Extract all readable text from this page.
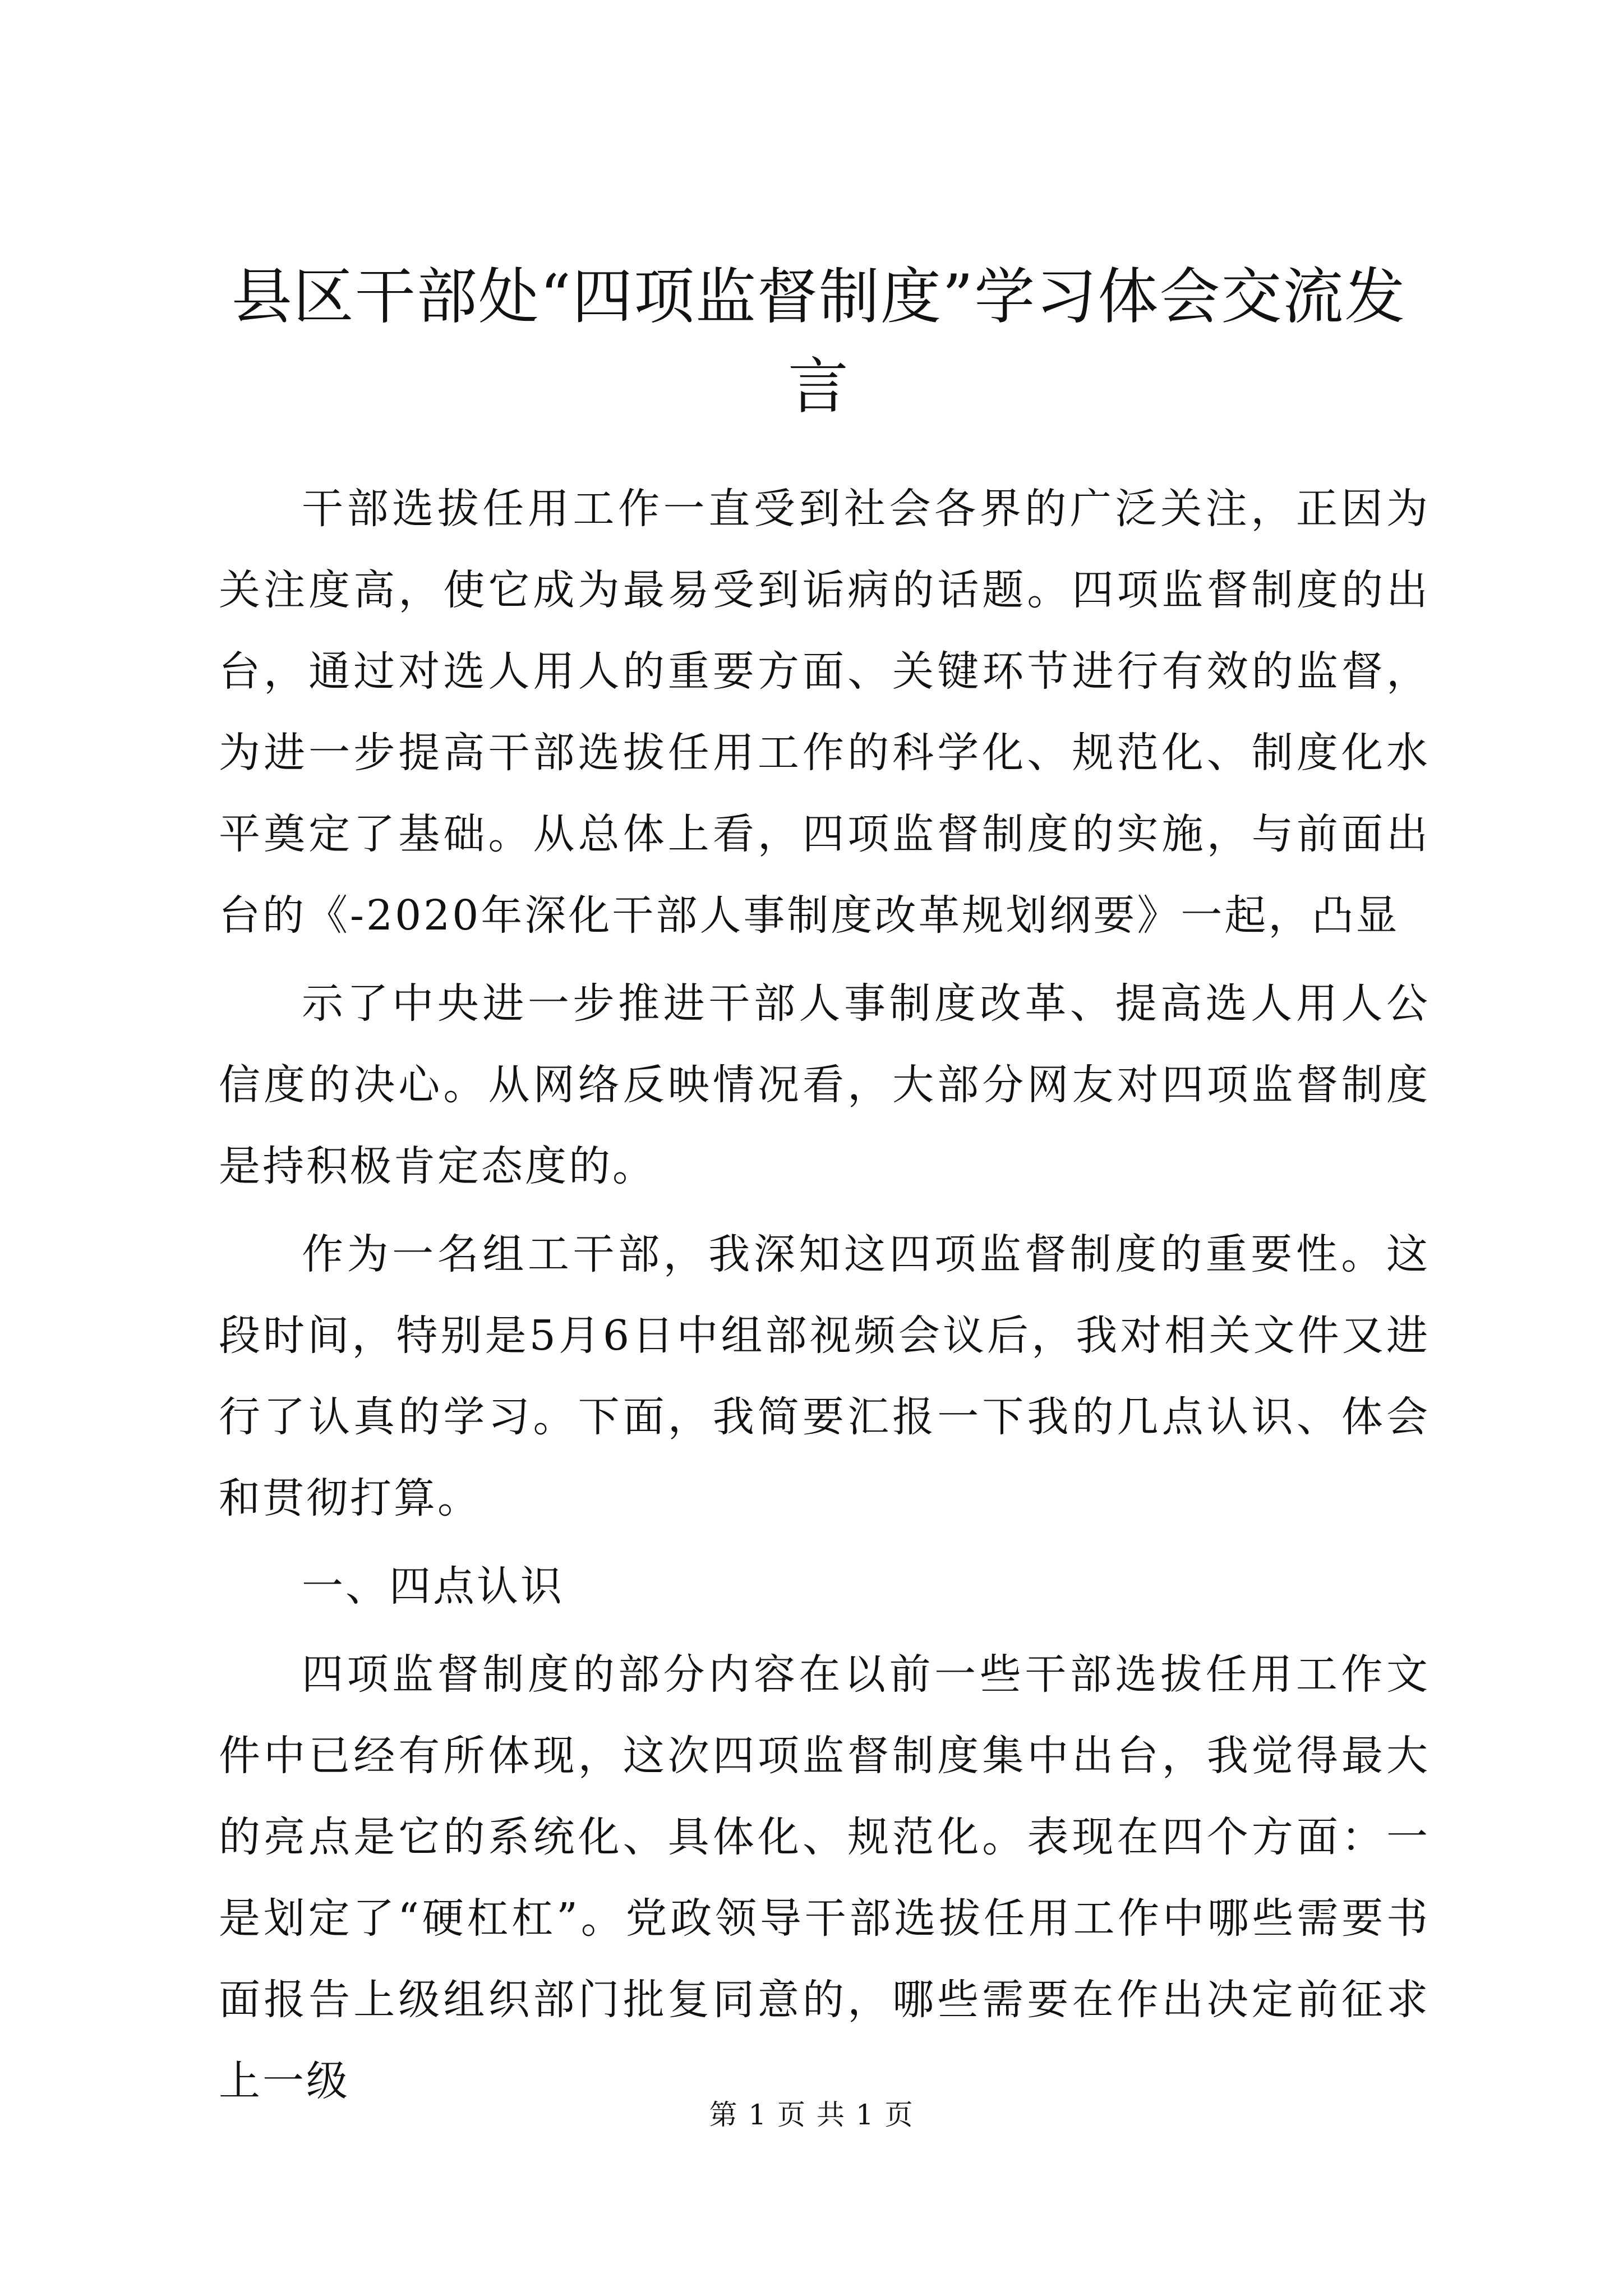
县区干部处“四项监督制度”学习体会交流发言

干部选拔任用工作一直受到社会各界的广泛关注，正因为关注度高，使它成为最易受到诟病的话题。四项监督制度的出台，通过对选人用人的重要方面、关键环节进行有效的监督，为进一步提高干部选拔任用工作的科学化、规范化、制度化水平奠定了基础。从总体上看，四项监督制度的实施，与前面出台的《-2020年深化干部人事制度改革规划纲要》一起，凸显

示了中央进一步推进干部人事制度改革、提高选人用人公信度的决心。从网络反映情况看，大部分网友对四项监督制度是持积极肯定态度的。

作为一名组工干部，我深知这四项监督制度的重要性。这段时间，特别是5月6日中组部视频会议后，我对相关文件又进行了认真的学习。下面，我简要汇报一下我的几点认识、体会和贯彻打算。

一、四点认识

四项监督制度的部分内容在以前一些干部选拔任用工作文件中已经有所体现，这次四项监督制度集中出台，我觉得最大的亮点是它的系统化、具体化、规范化。表现在四个方面：一是划定了“硬杠杠”。党政领导干部选拔任用工作中哪些需要书面报告上级组织部门批复同意的，哪些需要在作出决定前征求上一级

第 1 页 共 1 页
